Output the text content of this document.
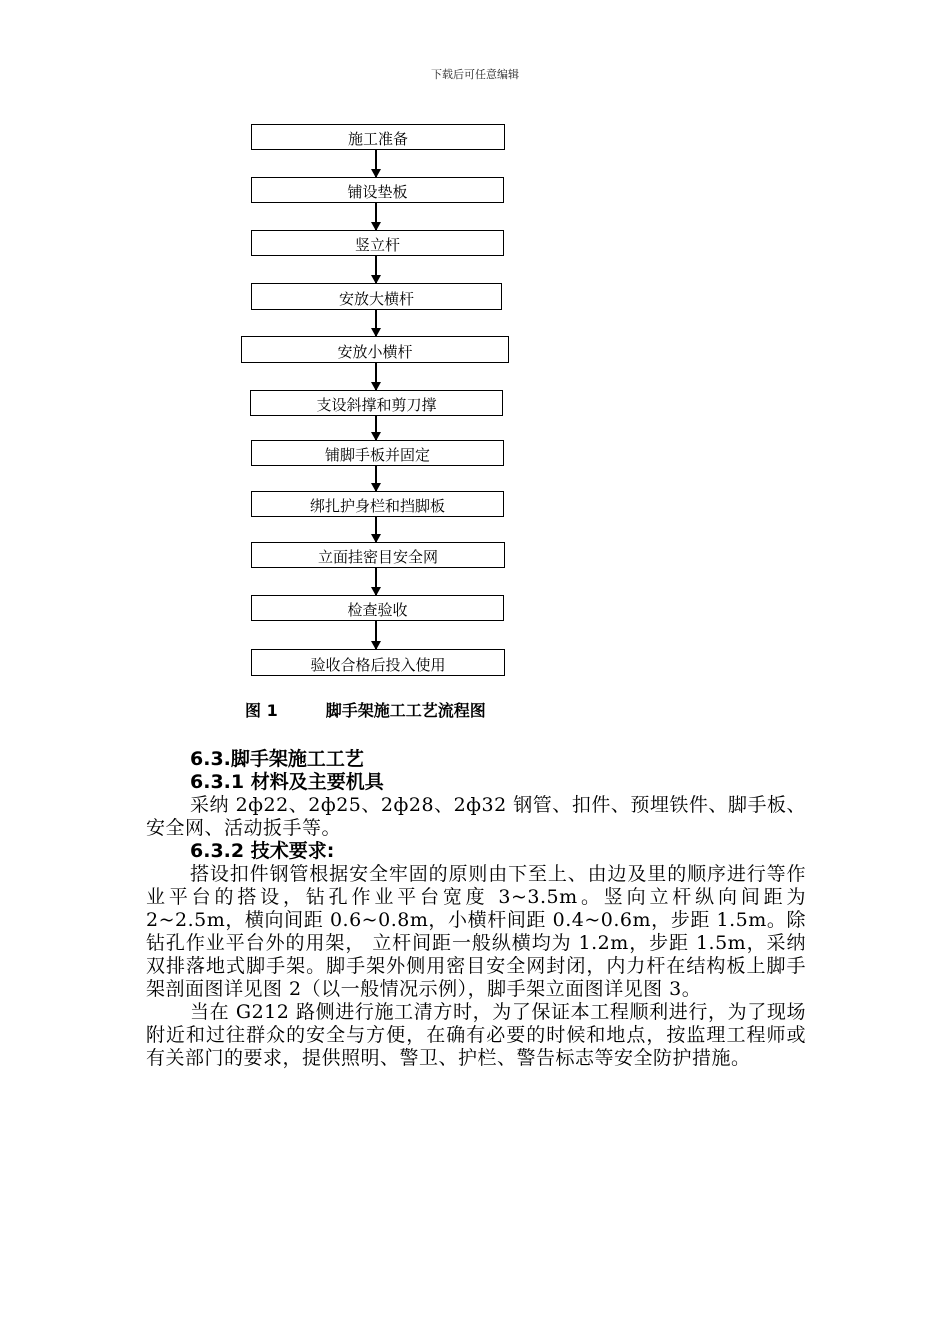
下载后可任意编辑
施工准备
铺设垫板
竖立杆
安放大横杆
安放小横杆
支设斜撑和剪刀撑
铺脚手板并固定
绑扎护身栏和挡脚板
立面挂密目安全网
检查验收
验收合格后投入使用
图 1	脚手架施工工艺流程图
6.3.脚手架施工工艺
6.3.1 材料及主要机具
采纳 2ф22、2ф25、2ф28、2ф32 钢管、扣件、预埋铁件、脚手板、安全网、活动扳手等。
6.3.2 技术要求:
搭设扣件钢管根据安全牢固的原则由下至上、由边及里的顺序进行等作业平台的搭设，钻孔作业平台宽度 3~3.5m。竖向立杆纵向间距为 2~2.5m，横向间距 0.6~0.8m，小横杆间距 0.4~0.6m，步距 1.5m。除钻孔作业平台外的用架， 立杆间距一般纵横均为 1.2m，步距 1.5m，采纳双排落地式脚手架。脚手架外侧用密目安全网封闭，内力杆在结构板上脚手架剖面图详见图 2（以一般情况示例），脚手架立面图详见图 3。
当在 G212 路侧进行施工清方时，为了保证本工程顺利进行，为了现场附近和过往群众的安全与方便，在确有必要的时候和地点，按监理工程师或有关部门的要求，提供照明、警卫、护栏、警告标志等安全防护措施。
